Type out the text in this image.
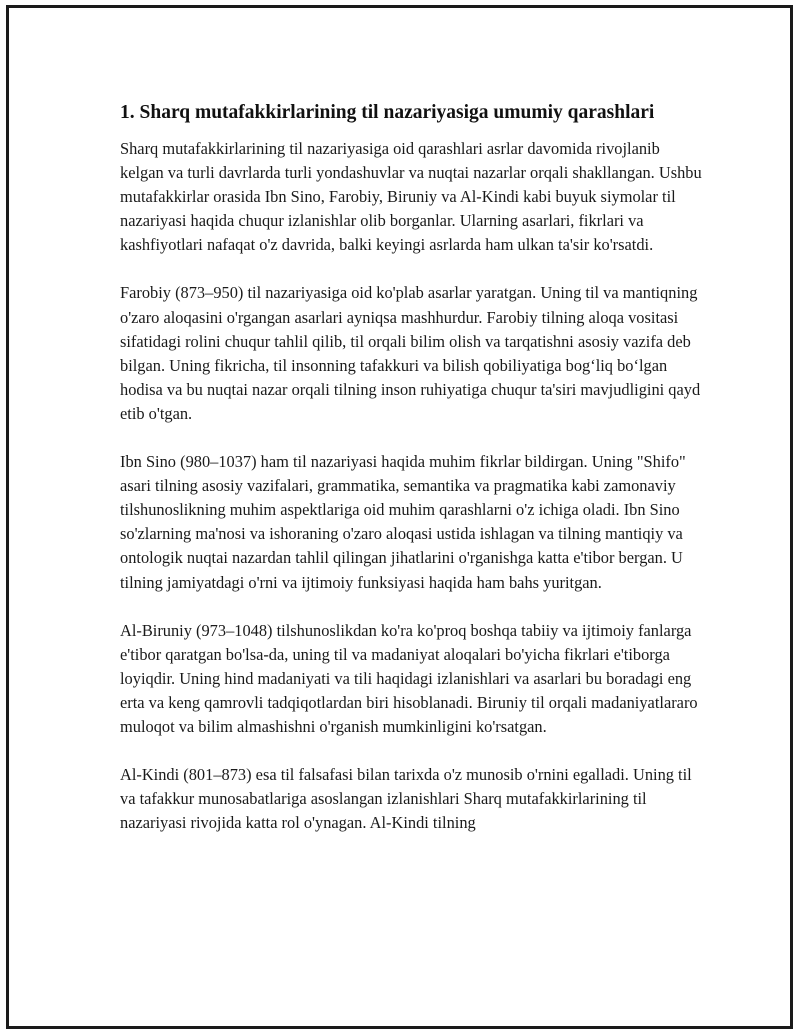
1. Sharq mutafakkirlarining til nazariyasiga umumiy qarashlari

Sharq mutafakkirlarining til nazariyasiga oid qarashlari asrlar davomida rivojlanib kelgan va turli davrlarda turli yondashuvlar va nuqtai nazarlar orqali shakllangan. Ushbu mutafakkirlar orasida Ibn Sino, Farobiy, Biruniy va Al-Kindi kabi buyuk siymolar til nazariyasi haqida chuqur izlanishlar olib borganlar. Ularning asarlari, fikrlari va kashfiyotlari nafaqat o'z davrida, balki keyingi asrlarda ham ulkan ta'sir ko'rsatdi.

Farobiy (873–950) til nazariyasiga oid ko'plab asarlar yaratgan. Uning til va mantiqning o'zaro aloqasini o'rgangan asarlari ayniqsa mashhurdur. Farobiy tilning aloqa vositasi sifatidagi rolini chuqur tahlil qilib, til orqali bilim olish va tarqatishni asosiy vazifa deb bilgan. Uning fikricha, til insonning tafakkuri va bilish qobiliyatiga bog‘liq bo‘lgan hodisa va bu nuqtai nazar orqali tilning inson ruhiyatiga chuqur ta'siri mavjudligini qayd etib o'tgan.

Ibn Sino (980–1037) ham til nazariyasi haqida muhim fikrlar bildirgan. Uning "Shifo" asari tilning asosiy vazifalari, grammatika, semantika va pragmatika kabi zamonaviy tilshunoslikning muhim aspektlariga oid muhim qarashlarni o'z ichiga oladi. Ibn Sino so'zlarning ma'nosi va ishoraning o'zaro aloqasi ustida ishlagan va tilning mantiqiy va ontologik nuqtai nazardan tahlil qilingan jihatlarini o'rganishga katta e'tibor bergan. U tilning jamiyatdagi o'rni va ijtimoiy funksiyasi haqida ham bahs yuritgan.

Al-Biruniy (973–1048) tilshunoslikdan ko'ra ko'proq boshqa tabiiy va ijtimoiy fanlarga e'tibor qaratgan bo'lsa-da, uning til va madaniyat aloqalari bo'yicha fikrlari e'tiborga loyiqdir. Uning hind madaniyati va tili haqidagi izlanishlari va asarlari bu boradagi eng erta va keng qamrovli tadqiqotlardan biri hisoblanadi. Biruniy til orqali madaniyatlararo muloqot va bilim almashishni o'rganish mumkinligini ko'rsatgan.

Al-Kindi (801–873) esa til falsafasi bilan tarixda o'z munosib o'rnini egalladi. Uning til va tafakkur munosabatlariga asoslangan izlanishlari Sharq mutafakkirlarining til nazariyasi rivojida katta rol o'ynagan. Al-Kindi tilning
